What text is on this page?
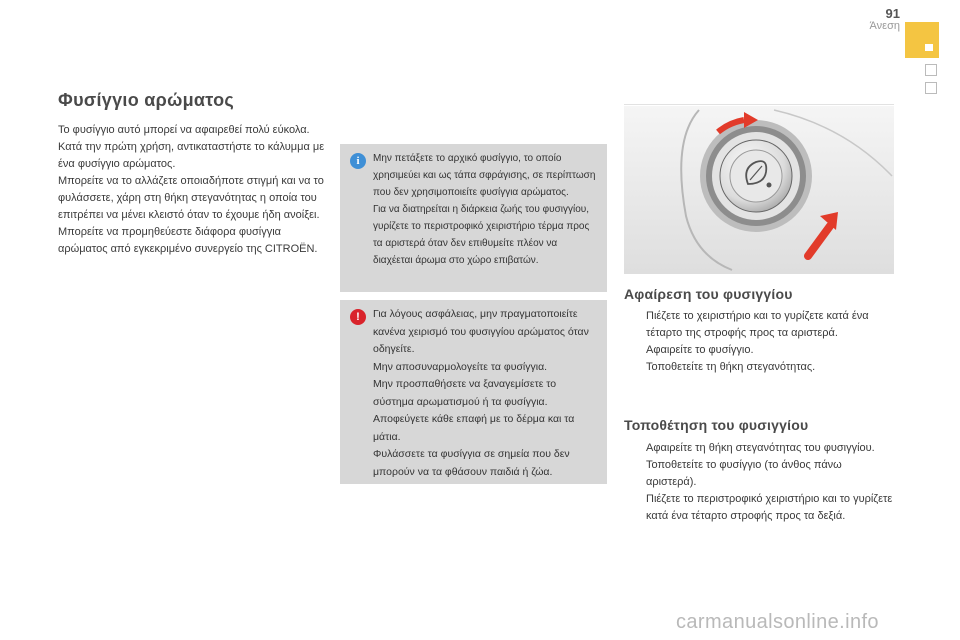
91
Άνεση
Φυσίγγιο αρώματος

Το φυσίγγιο αυτό μπορεί να αφαιρεθεί πολύ εύκολα. Κατά την πρώτη χρήση, αντικαταστήστε το κάλυμμα με ένα φυσίγγιο αρώματος.

Μπορείτε να το αλλάζετε οποιαδήποτε στιγμή και να το φυλάσσετε, χάρη στη θήκη στεγανότητας η οποία του επιτρέπει να μένει κλειστό όταν το έχουμε ήδη ανοίξει.

Μπορείτε να προμηθεύεστε διάφορα φυσίγγια αρώματος από εγκεκριμένο συνεργείο της CITROËN.

i	Μην πετάξετε το αρχικό φυσίγγιο, το οποίο χρησιμεύει και ως τάπα σφράγισης, σε περίπτωση που δεν χρησιμοποιείτε φυσίγγια αρώματος.

Για να διατηρείται η διάρκεια ζωής του φυσιγγίου, γυρίζετε το περιστροφικό χειριστήριο τέρμα προς τα αριστερά όταν δεν επιθυμείτε πλέον να διαχέεται άρωμα στο χώρο επιβατών.

!	Για λόγους ασφάλειας, μην πραγματοποιείτε κανένα χειρισμό του φυσιγγίου αρώματος όταν οδηγείτε.

Μην αποσυναρμολογείτε τα φυσίγγια.

Μην προσπαθήσετε να ξαναγεμίσετε το σύστημα αρωματισμού ή τα φυσίγγια.

Αποφεύγετε κάθε επαφή με το δέρμα και τα μάτια.

Φυλάσσετε τα φυσίγγια σε σημεία που δεν μπορούν να τα φθάσουν παιδιά ή ζώα.

Αφαίρεση του φυσιγγίου
Πιέζετε το χειριστήριο και το γυρίζετε κατά ένα τέταρτο της στροφής προς τα αριστερά.
Αφαιρείτε το φυσίγγιο.
Τοποθετείτε τη θήκη στεγανότητας.
Τοποθέτηση του φυσιγγίου
Αφαιρείτε τη θήκη στεγανότητας του φυσιγγίου.
Τοποθετείτε το φυσίγγιο (το άνθος πάνω αριστερά).
Πιέζετε το περιστροφικό χειριστήριο και το γυρίζετε κατά ένα τέταρτο στροφής προς τα δεξιά.
carmanualsonline.info
